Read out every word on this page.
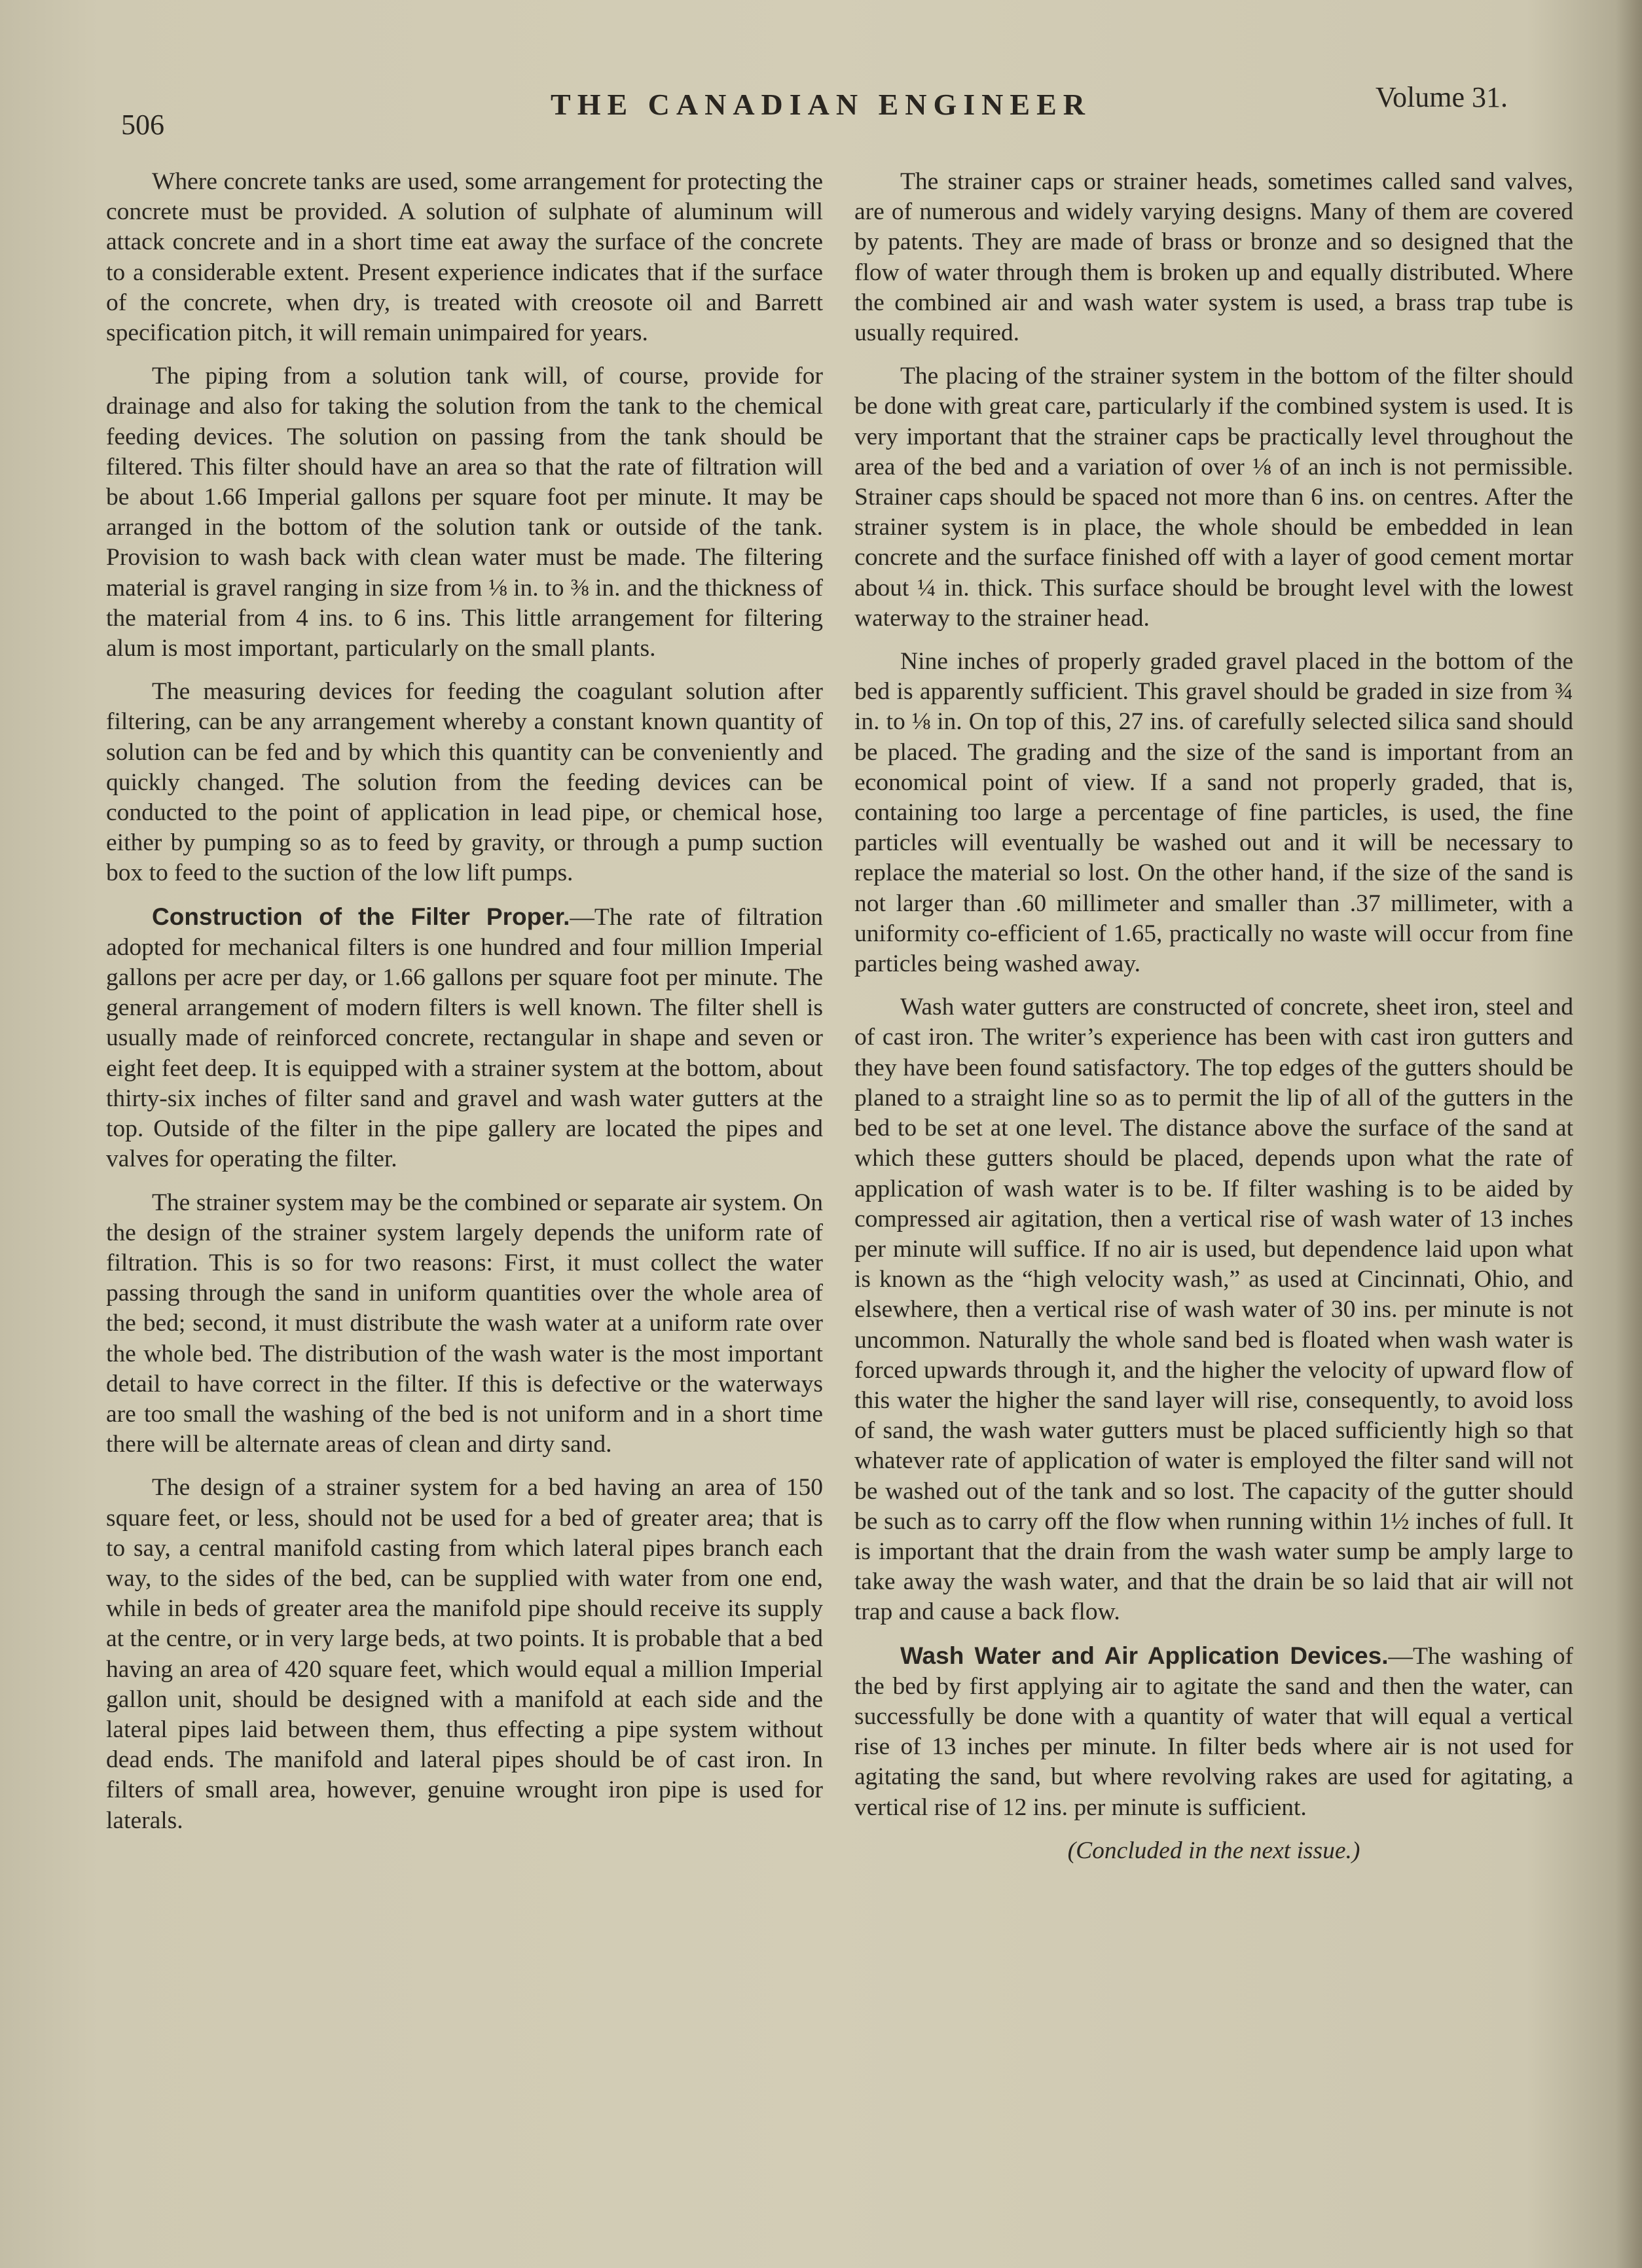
506
THE CANADIAN ENGINEER	Volume 31.

Where concrete tanks are used, some arrangement for protecting the concrete must be provided. A solution of sulphate of aluminum will attack concrete and in a short time eat away the surface of the concrete to a considerable extent. Present experience indicates that if the surface of the concrete, when dry, is treated with creosote oil and Barrett specification pitch, it will remain unimpaired for years.

The piping from a solution tank will, of course, provide for drainage and also for taking the solution from the tank to the chemical feeding devices. The solution on passing from the tank should be filtered. This filter should have an area so that the rate of filtration will be about 1.66 Imperial gallons per square foot per minute. It may be arranged in the bottom of the solution tank or outside of the tank. Provision to wash back with clean water must be made. The filtering material is gravel ranging in size from ⅛ in. to ⅜ in. and the thickness of the material from 4 ins. to 6 ins. This little arrangement for filtering alum is most important, particularly on the small plants.

The measuring devices for feeding the coagulant solution after filtering, can be any arrangement whereby a constant known quantity of solution can be fed and by which this quantity can be conveniently and quickly changed. The solution from the feeding devices can be conducted to the point of application in lead pipe, or chemical hose, either by pumping so as to feed by gravity, or through a pump suction box to feed to the suction of the low lift pumps.

Construction of the Filter Proper.—The rate of filtration adopted for mechanical filters is one hundred and four million Imperial gallons per acre per day, or 1.66 gallons per square foot per minute. The general arrangement of modern filters is well known. The filter shell is usually made of reinforced concrete, rectangular in shape and seven or eight feet deep. It is equipped with a strainer system at the bottom, about thirty-six inches of filter sand and gravel and wash water gutters at the top. Outside of the filter in the pipe gallery are located the pipes and valves for operating the filter.

The strainer system may be the combined or separate air system. On the design of the strainer system largely depends the uniform rate of filtration. This is so for two reasons: First, it must collect the water passing through the sand in uniform quantities over the whole area of the bed; second, it must distribute the wash water at a uniform rate over the whole bed. The distribution of the wash water is the most important detail to have correct in the filter. If this is defective or the waterways are too small the washing of the bed is not uniform and in a short time there will be alternate areas of clean and dirty sand.

The design of a strainer system for a bed having an area of 150 square feet, or less, should not be used for a bed of greater area; that is to say, a central manifold casting from which lateral pipes branch each way, to the sides of the bed, can be supplied with water from one end, while in beds of greater area the manifold pipe should receive its supply at the centre, or in very large beds, at two points. It is probable that a bed having an area of 420 square feet, which would equal a million Imperial gallon unit, should be designed with a manifold at each side and the lateral pipes laid between them, thus effecting a pipe system without dead ends. The manifold and lateral pipes should be of cast iron. In filters of small area, however, genuine wrought iron pipe is used for laterals.

The strainer caps or strainer heads, sometimes called sand valves, are of numerous and widely varying designs. Many of them are covered by patents. They are made of brass or bronze and so designed that the flow of water through them is broken up and equally distributed. Where the combined air and wash water system is used, a brass trap tube is usually required.

The placing of the strainer system in the bottom of the filter should be done with great care, particularly if the combined system is used. It is very important that the strainer caps be practically level throughout the area of the bed and a variation of over ⅛ of an inch is not permissible. Strainer caps should be spaced not more than 6 ins. on centres. After the strainer system is in place, the whole should be embedded in lean concrete and the surface finished off with a layer of good cement mortar about ¼ in. thick. This surface should be brought level with the lowest waterway to the strainer head.

Nine inches of properly graded gravel placed in the bottom of the bed is apparently sufficient. This gravel should be graded in size from ¾ in. to ⅛ in. On top of this, 27 ins. of carefully selected silica sand should be placed. The grading and the size of the sand is important from an economical point of view. If a sand not properly graded, that is, containing too large a percentage of fine particles, is used, the fine particles will eventually be washed out and it will be necessary to replace the material so lost. On the other hand, if the size of the sand is not larger than .60 millimeter and smaller than .37 millimeter, with a uniformity co-efficient of 1.65, practically no waste will occur from fine particles being washed away.

Wash water gutters are constructed of concrete, sheet iron, steel and of cast iron. The writer’s experience has been with cast iron gutters and they have been found satisfactory. The top edges of the gutters should be planed to a straight line so as to permit the lip of all of the gutters in the bed to be set at one level. The distance above the surface of the sand at which these gutters should be placed, depends upon what the rate of application of wash water is to be. If filter washing is to be aided by compressed air agitation, then a vertical rise of wash water of 13 inches per minute will suffice. If no air is used, but dependence laid upon what is known as the “high velocity wash,” as used at Cincinnati, Ohio, and elsewhere, then a vertical rise of wash water of 30 ins. per minute is not uncommon. Naturally the whole sand bed is floated when wash water is forced upwards through it, and the higher the velocity of upward flow of this water the higher the sand layer will rise, consequently, to avoid loss of sand, the wash water gutters must be placed sufficiently high so that whatever rate of application of water is employed the filter sand will not be washed out of the tank and so lost. The capacity of the gutter should be such as to carry off the flow when running within 1½ inches of full. It is important that the drain from the wash water sump be amply large to take away the wash water, and that the drain be so laid that air will not trap and cause a back flow.

Wash Water and Air Application Devices.—The washing of the bed by first applying air to agitate the sand and then the water, can successfully be done with a quantity of water that will equal a vertical rise of 13 inches per minute. In filter beds where air is not used for agitating the sand, but where revolving rakes are used for agitating, a vertical rise of 12 ins. per minute is sufficient.

(Concluded in the next issue.)
